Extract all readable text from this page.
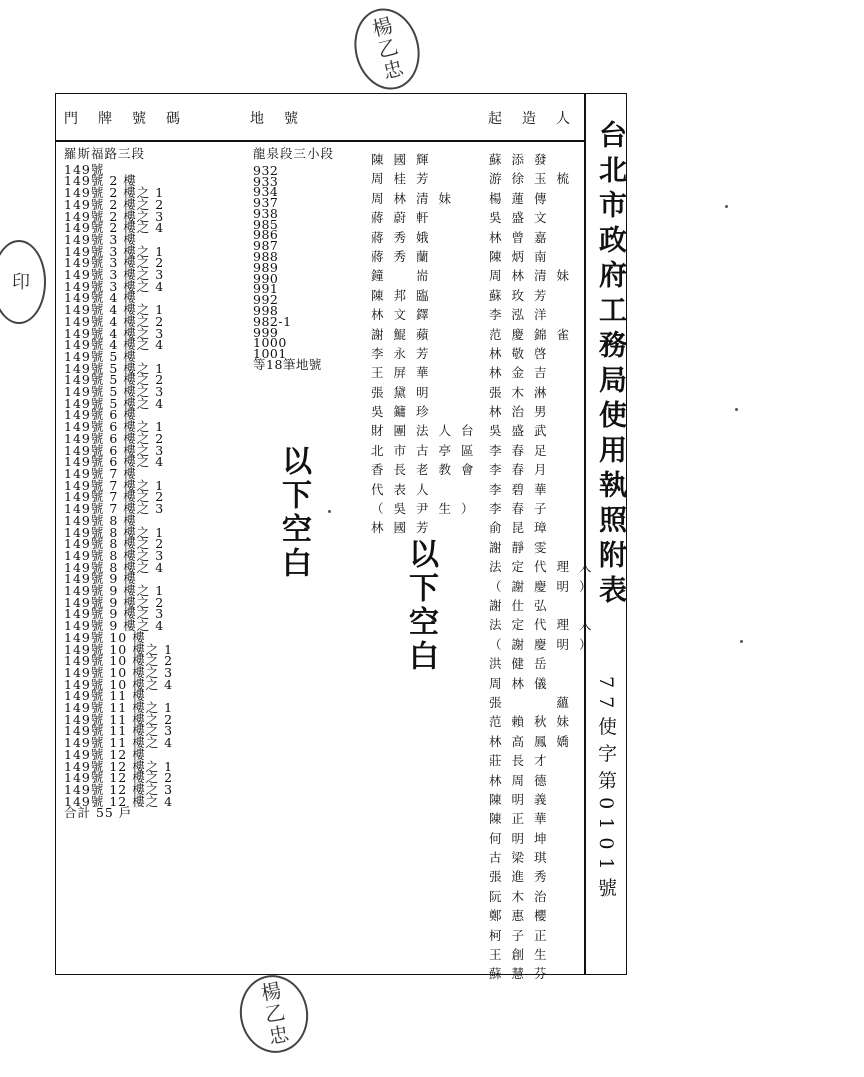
楊乙忠
楊乙忠
印
門牌號碼	地號	起造人
羅斯福路三段
149號
149號 2 樓
149號 2 樓之 1
149號 2 樓之 2
149號 2 樓之 3
149號 2 樓之 4
149號 3 樓
149號 3 樓之 1
149號 3 樓之 2
149號 3 樓之 3
149號 3 樓之 4
149號 4 樓
149號 4 樓之 1
149號 4 樓之 2
149號 4 樓之 3
149號 4 樓之 4
149號 5 樓
149號 5 樓之 1
149號 5 樓之 2
149號 5 樓之 3
149號 5 樓之 4
149號 6 樓
149號 6 樓之 1
149號 6 樓之 2
149號 6 樓之 3
149號 6 樓之 4
149號 7 樓
149號 7 樓之 1
149號 7 樓之 2
149號 7 樓之 3
149號 8 樓
149號 8 樓之 1
149號 8 樓之 2
149號 8 樓之 3
149號 8 樓之 4
149號 9 樓
149號 9 樓之 1
149號 9 樓之 2
149號 9 樓之 3
149號 9 樓之 4
149號 10 樓
149號 10 樓之 1
149號 10 樓之 2
149號 10 樓之 3
149號 10 樓之 4
149號 11 樓
149號 11 樓之 1
149號 11 樓之 2
149號 11 樓之 3
149號 11 樓之 4
149號 12 樓
149號 12 樓之 1
149號 12 樓之 2
149號 12 樓之 3
149號 12 樓之 4
合計 55 戶
龍泉段三小段
932
933
934
937
938
985
986
987
988
989
990
991
992
998
982-1
999
1000
1001
等18筆地號
以下空白
陳國輝
周桂芳
周林清妹
蔣蔚軒
蔣秀娥
蔣秀蘭
鐘　耑
陳邦臨
林文鐸
謝鯤蘋
李永芳
王屏華
張黛明
吳鏞珍
財團法人台
北市古亭區
香長老教會
代表人
（吳尹生）
林國芳
以下空白
蘇添發
游徐玉梳
楊蓮傳
吳盛文
林曾嘉
陳炳南
周林清妹
蘇玫芳
李泓洋
范慶錦雀
林敬啓
林金吉
張木淋
林治男
吳盛武
李春足
李春月
李碧華
李春子
俞昆璋
謝靜雯
法定代理人
（謝慶明）
謝仕弘
法定代理人
（謝慶明）
洪健岳
周林儀
張　　蘊
范賴秋妹
林高鳳嬌
莊長才
林周德
陳明義
陳正華
何明坤
古梁琪
張進秀
阮木治
鄭惠櫻
柯子正
王創生
蘇慧芬
台北市政府工務局使用執照附表
77使字第0101號
